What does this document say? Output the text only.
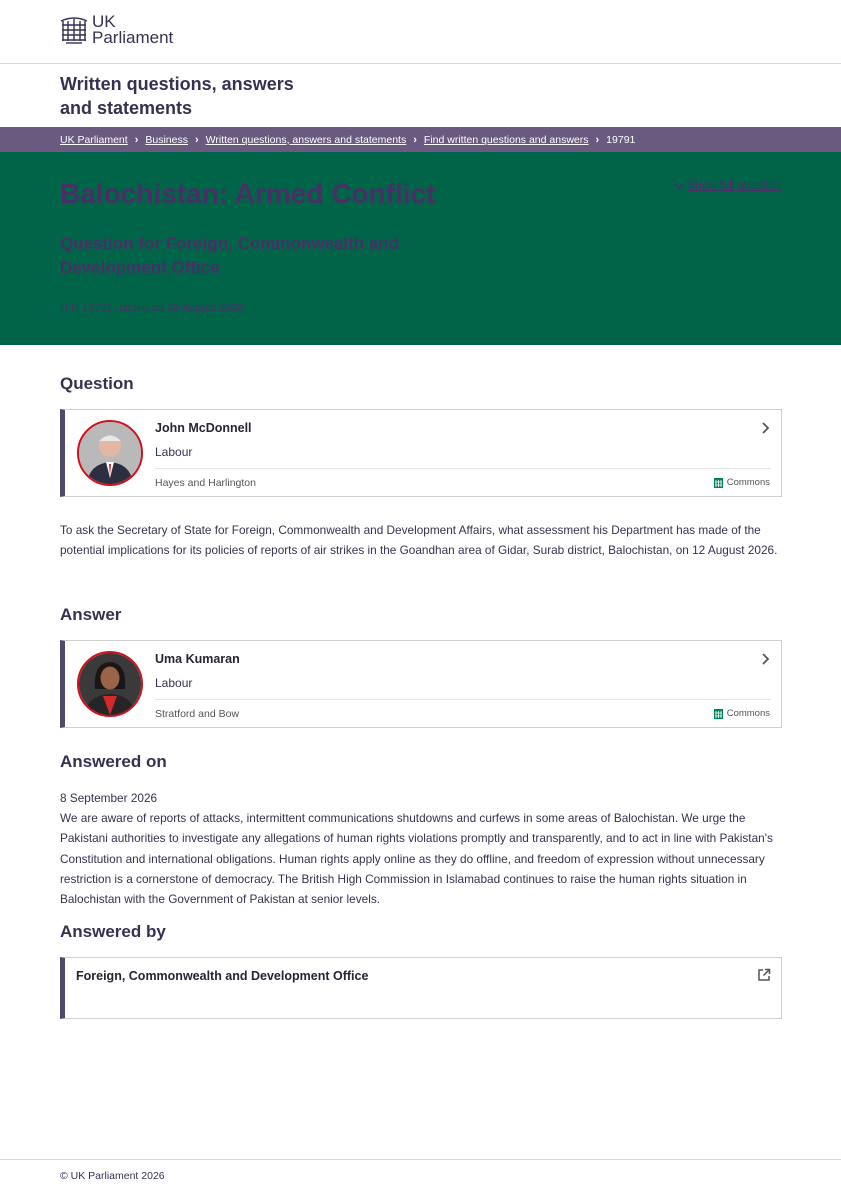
UK
Parliament
Written questions, answers and statements
UK Parliament › Business › Written questions, answers and statements › Find written questions and answers › 19791
Balochistan: Armed Conflict
Question for Foreign, Commonwealth and Development Office
UIN 19791, tabled on 28 August 2026
Show full question
Question
John McDonnell
Labour
Hayes and Harlington	Commons

To ask the Secretary of State for Foreign, Commonwealth and Development Affairs, what assessment his Department has made of the potential implications for its policies of reports of air strikes in the Goandhan area of Gidar, Surab district, Balochistan, on 12 August 2026.

Answer
Uma Kumaran
Labour
Stratford and Bow	Commons
Answered on
8 September 2026

We are aware of reports of attacks, intermittent communications shutdowns and curfews in some areas of Balochistan. We urge the Pakistani authorities to investigate any allegations of human rights violations promptly and transparently, and to act in line with Pakistan's Constitution and international obligations. Human rights apply online as they do offline, and freedom of expression without unnecessary restriction is a cornerstone of democracy. The British High Commission in Islamabad continues to raise the human rights situation in Balochistan with the Government of Pakistan at senior levels.

Answered by
Foreign, Commonwealth and Development Office
© UK Parliament 2026
